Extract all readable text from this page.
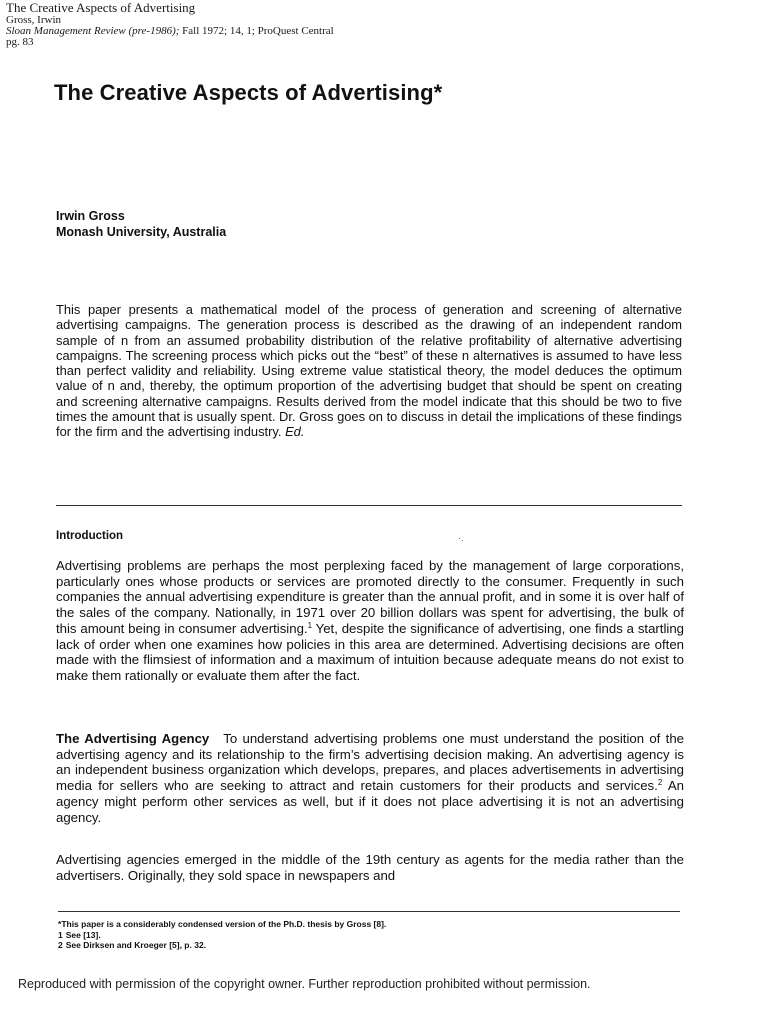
The Creative Aspects of Advertising
Gross, Irwin
Sloan Management Review (pre-1986); Fall 1972; 14, 1; ProQuest Central
pg. 83
The Creative Aspects of Advertising*
Irwin Gross
Monash University, Australia

This paper presents a mathematical model of the process of generation and screening of alternative advertising campaigns. The generation process is described as the drawing of an independent random sample of n from an assumed probability distribution of the relative profitability of alternative advertising campaigns. The screening process which picks out the “best” of these n alternatives is assumed to have less than perfect validity and reliability. Using extreme value statistical theory, the model deduces the optimum value of n and, thereby, the optimum proportion of the advertising budget that should be spent on creating and screening alternative campaigns. Results derived from the model indicate that this should be two to five times the amount that is usually spent. Dr. Gross goes on to discuss in detail the implications of these findings for the firm and the advertising industry. Ed.

Introduction	·.

Advertising problems are perhaps the most perplexing faced by the management of large corporations, particularly ones whose products or services are promoted directly to the consumer. Frequently in such companies the annual advertising expenditure is greater than the annual profit, and in some it is over half of the sales of the company. Nationally, in 1971 over 20 billion dollars was spent for advertising, the bulk of this amount being in consumer advertising.$^1$ Yet, despite the significance of advertising, one finds a startling lack of order when one examines how policies in this area are determined. Advertising decisions are often made with the flimsiest of information and a maximum of intuition because adequate means do not exist to make them rationally or evaluate them after the fact.

The Advertising Agency To understand advertising problems one must understand the position of the advertising agency and its relationship to the firm’s advertising decision making. An advertising agency is an independent business organization which develops, prepares, and places advertisements in advertising media for sellers who are seeking to attract and retain customers for their products and services.$^2$ An agency might perform other services as well, but if it does not place advertising it is not an advertising agency.

Advertising agencies emerged in the middle of the 19th century as agents for the media rather than the advertisers. Originally, they sold space in newspapers and

*This paper is a considerably condensed version of the Ph.D. thesis by Gross [8].
1 See [13].
2 See Dirksen and Kroeger [5], p. 32.
Reproduced with permission of the copyright owner. Further reproduction prohibited without permission.
